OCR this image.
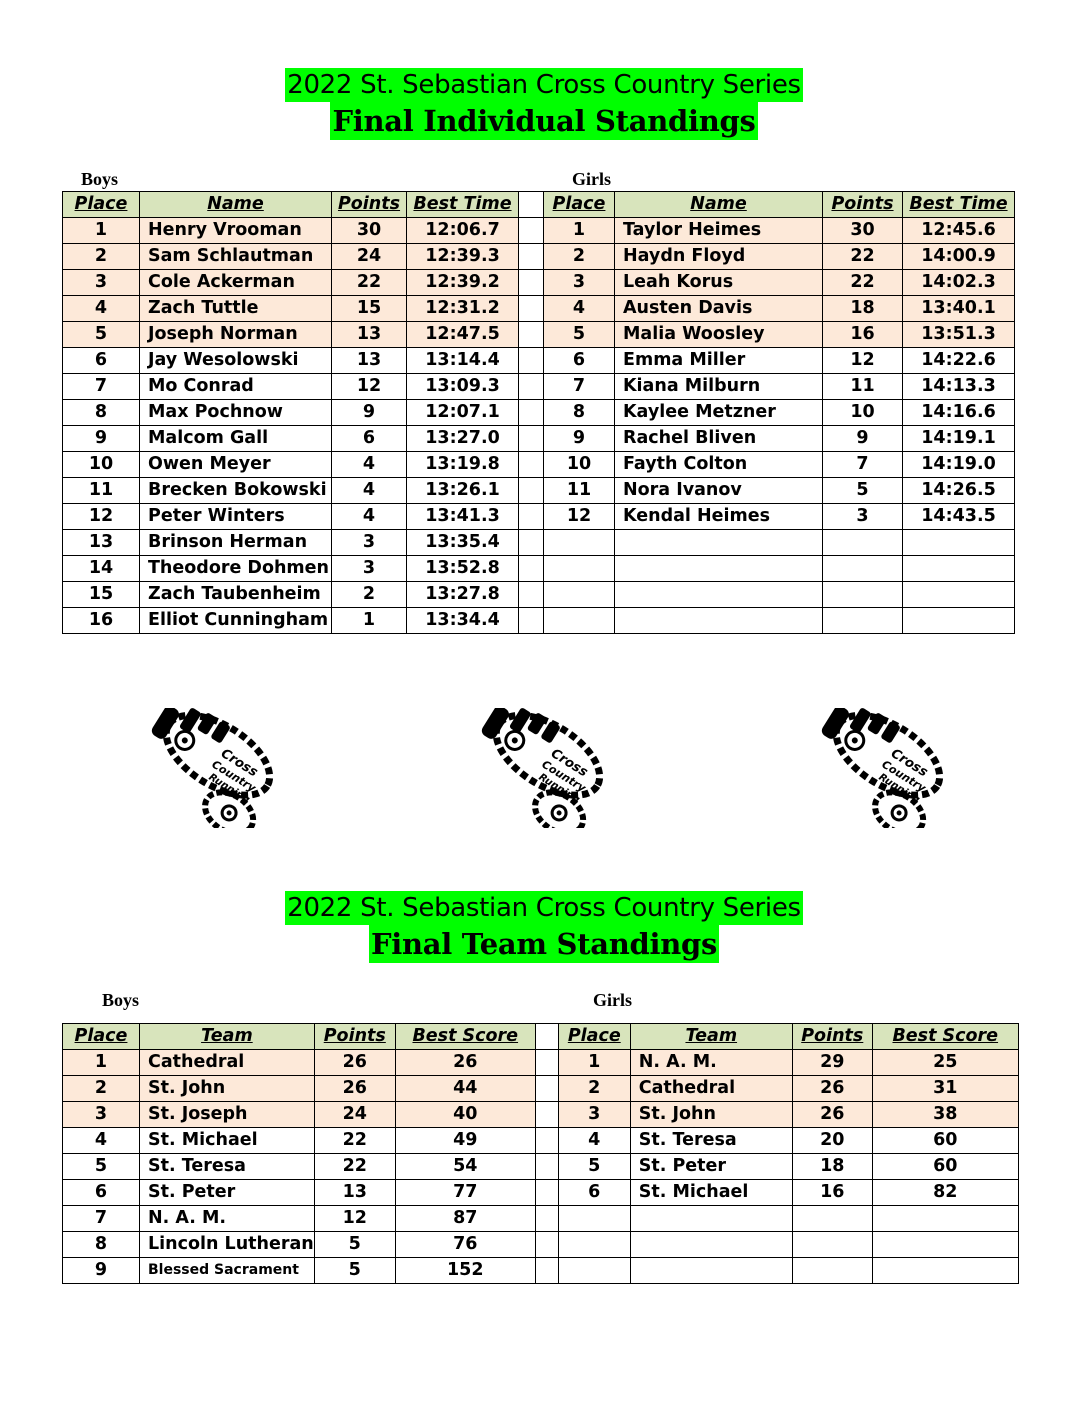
2022 St. Sebastian Cross Country Series
Final Individual Standings
Boys	Girls
Place	Name	Points	Best Time		Place	Name	Points	Best Time
1	Henry Vrooman	30	12:06.7		1	Taylor Heimes	30	12:45.6
2	Sam Schlautman	24	12:39.3		2	Haydn Floyd	22	14:00.9
3	Cole Ackerman	22	12:39.2		3	Leah Korus	22	14:02.3
4	Zach Tuttle	15	12:31.2		4	Austen Davis	18	13:40.1
5	Joseph Norman	13	12:47.5		5	Malia Woosley	16	13:51.3
6	Jay Wesolowski	13	13:14.4		6	Emma Miller	12	14:22.6
7	Mo Conrad	12	13:09.3		7	Kiana Milburn	11	14:13.3
8	Max Pochnow	9	12:07.1		8	Kaylee Metzner	10	14:16.6
9	Malcom Gall	6	13:27.0		9	Rachel Bliven	9	14:19.1
10	Owen Meyer	4	13:19.8		10	Fayth Colton	7	14:19.0
11	Brecken Bokowski	4	13:26.1		11	Nora Ivanov	5	14:26.5
12	Peter Winters	4	13:41.3		12	Kendal Heimes	3	14:43.5
13	Brinson Herman	3	13:35.4					
14	Theodore Dohmen	3	13:52.8					
15	Zach Taubenheim	2	13:27.8					
16	Elliot Cunningham	1	13:34.4					
2022 St. Sebastian Cross Country Series
Final Team Standings
Boys	Girls
Place	Team	Points	Best Score		Place	Team	Points	Best Score
1	Cathedral	26	26		1	N. A. M.	29	25
2	St. John	26	44		2	Cathedral	26	31
3	St. Joseph	24	40		3	St. John	26	38
4	St. Michael	22	49		4	St. Teresa	20	60
5	St. Teresa	22	54		5	St. Peter	18	60
6	St. Peter	13	77		6	St. Michael	16	82
7	N. A. M.	12	87					
8	Lincoln Lutheran	5	76					
9	Blessed Sacrament	5	152					
